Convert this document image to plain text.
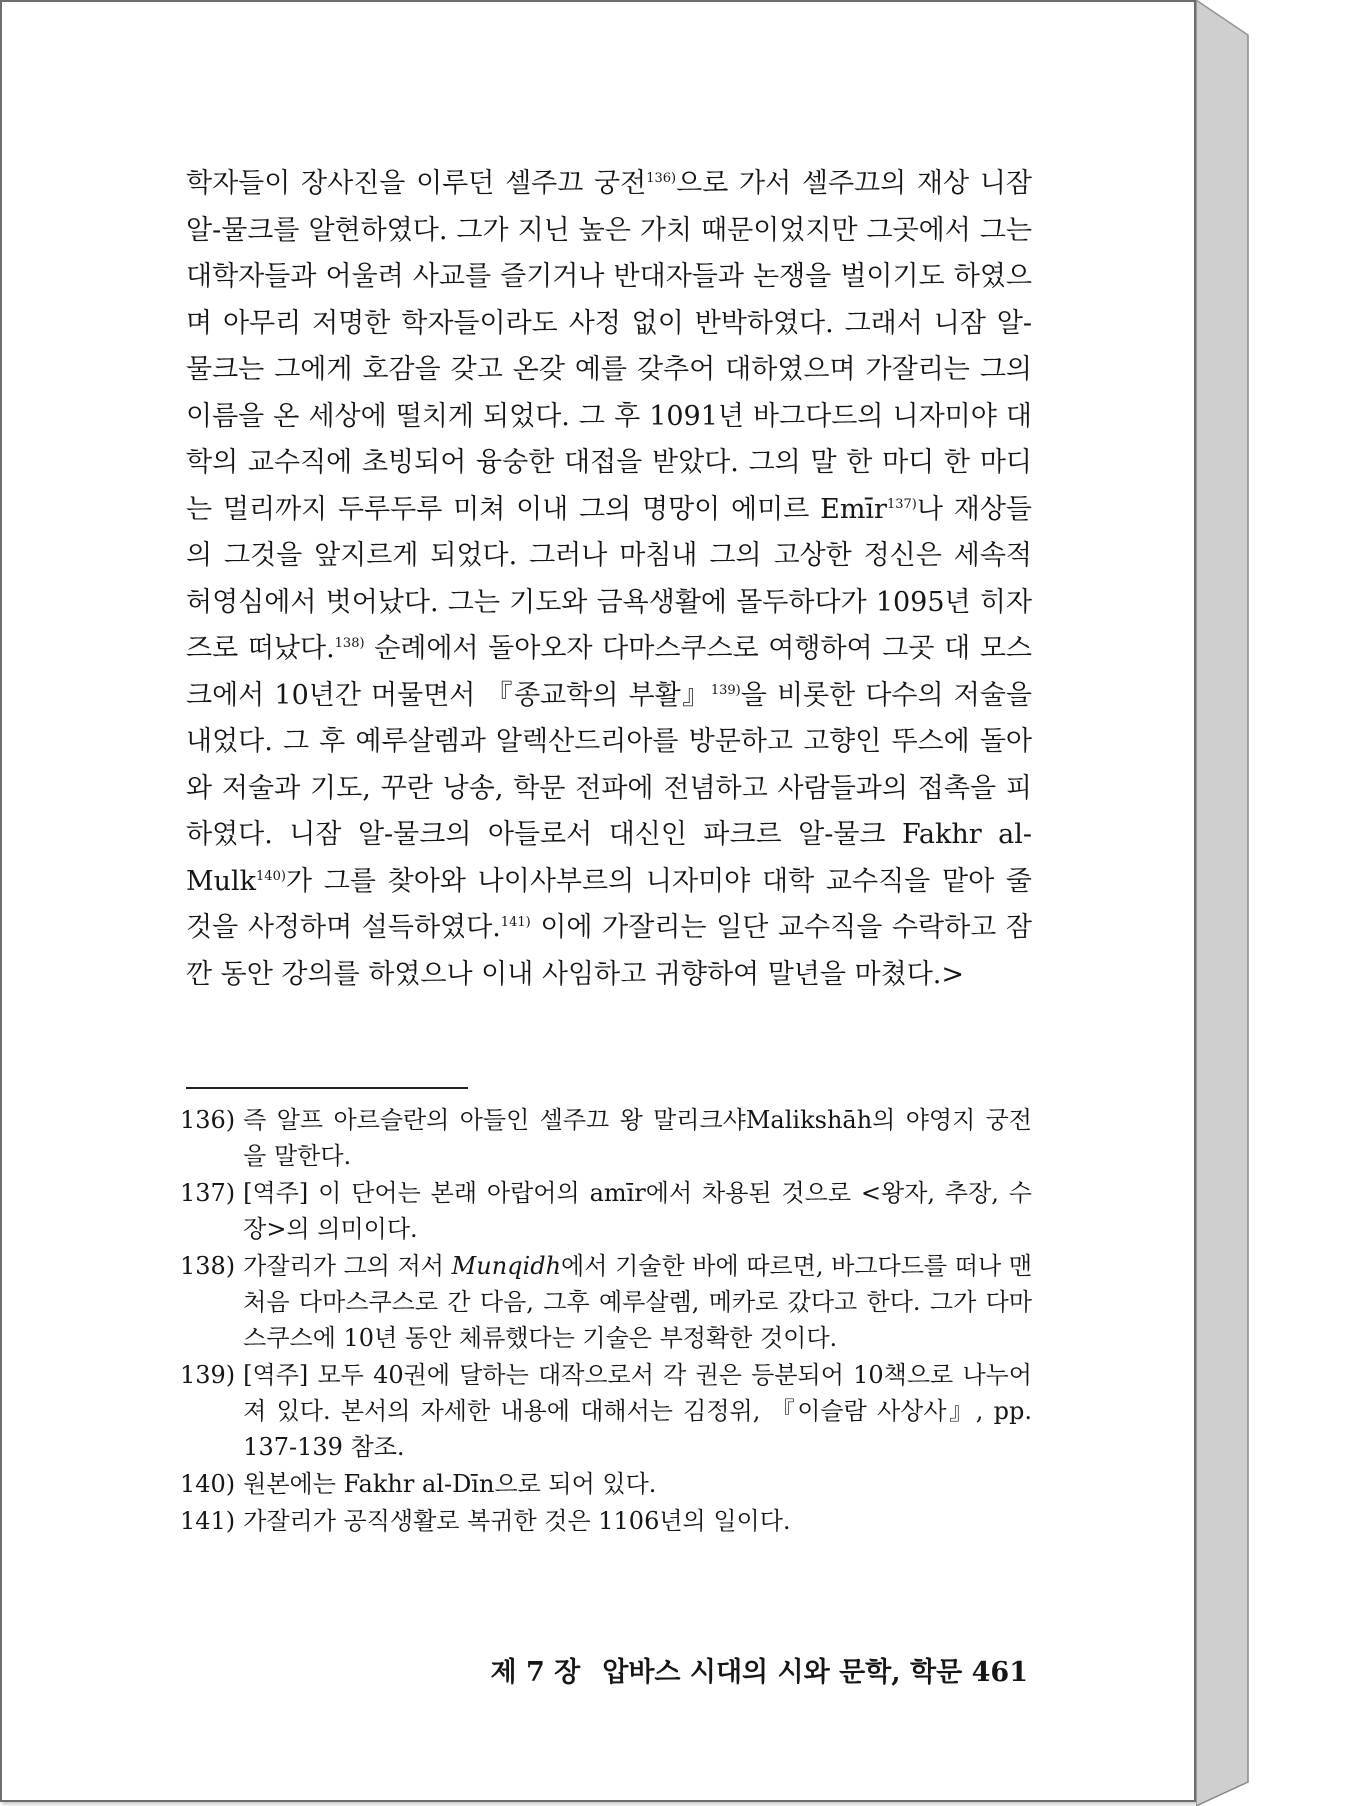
학자들이 장사진을 이루던 셀주끄 궁전$^{136)}$으로 가서 셀주끄의 재상 니잠 알-물크를 알현하였다. 그가 지닌 높은 가치 때문이었지만 그곳에서 그는 대학자들과 어울려 사교를 즐기거나 반대자들과 논쟁을 벌이기도 하였으며 아무리 저명한 학자들이라도 사정 없이 반박하였다. 그래서 니잠 알-물크는 그에게 호감을 갖고 온갖 예를 갖추어 대하였으며 가잘리는 그의 이름을 온 세상에 떨치게 되었다. 그 후 1091년 바그다드의 니자미야 대학의 교수직에 초빙되어 융숭한 대접을 받았다. 그의 말 한 마디 한 마디는 멀리까지 두루두루 미쳐 이내 그의 명망이 에미르 Emīr$^{137)}$나 재상들의 그것을 앞지르게 되었다. 그러나 마침내 그의 고상한 정신은 세속적 허영심에서 벗어났다. 그는 기도와 금욕생활에 몰두하다가 1095년 히자즈로 떠났다.$^{138)}$ 순례에서 돌아오자 다마스쿠스로 여행하여 그곳 대 모스크에서 10년간 머물면서 『종교학의 부활』$^{139)}$을 비롯한 다수의 저술을 내었다. 그 후 예루살렘과 알렉산드리아를 방문하고 고향인 뚜스에 돌아와 저술과 기도, 꾸란 낭송, 학문 전파에 전념하고 사람들과의 접촉을 피하였다. 니잠 알-물크의 아들로서 대신인 파크르 알-물크 Fakhr al-Mulk$^{140)}$가 그를 찾아와 나이사부르의 니자미야 대학 교수직을 맡아 줄 것을 사정하며 설득하였다.$^{141)}$ 이에 가잘리는 일단 교수직을 수락하고 잠깐 동안 강의를 하였으나 이내 사임하고 귀향하여 말년을 마쳤다.>

136) 즉 알프 아르슬란의 아들인 셀주끄 왕 말리크샤Malikshāh의 야영지 궁전을 말한다.
137) [역주] 이 단어는 본래 아랍어의 amīr에서 차용된 것으로 <왕자, 추장, 수장>의 의미이다.
138) 가잘리가 그의 저서 Munqidh에서 기술한 바에 따르면, 바그다드를 떠나 맨처음 다마스쿠스로 간 다음, 그후 예루살렘, 메카로 갔다고 한다. 그가 다마스쿠스에 10년 동안 체류했다는 기술은 부정확한 것이다.
139) [역주] 모두 40권에 달하는 대작으로서 각 권은 등분되어 10책으로 나누어져 있다. 본서의 자세한 내용에 대해서는 김정위, 『이슬람 사상사』, pp. 137-139 참조.
140) 원본에는 Fakhr al-Dīn으로 되어 있다.
141) 가잘리가 공직생활로 복귀한 것은 1106년의 일이다.
제 7 장 압바스 시대의 시와 문학, 학문 461
